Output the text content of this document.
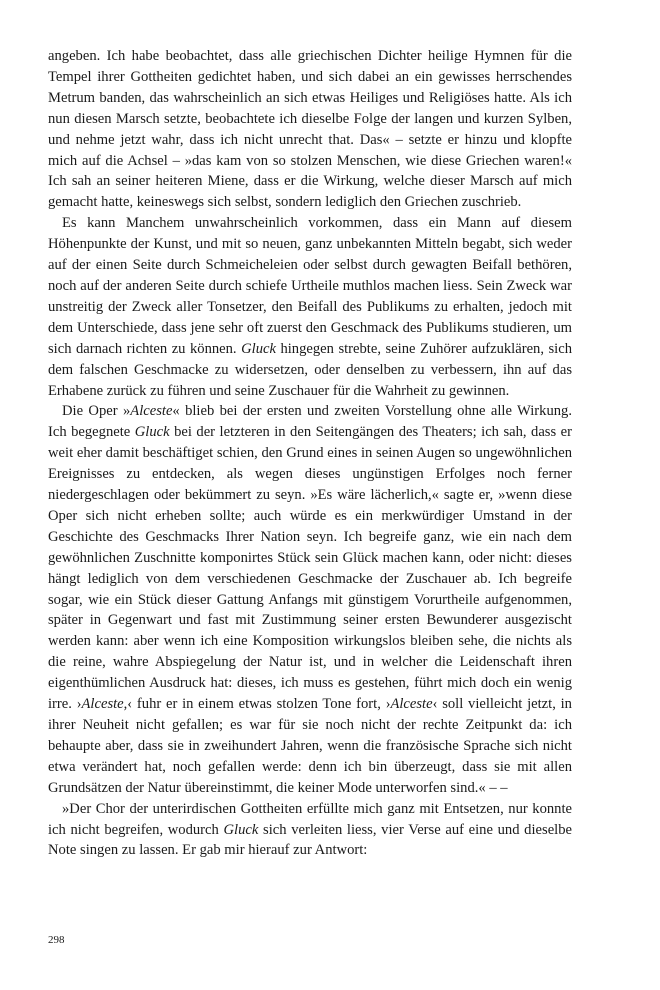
angeben. Ich habe beobachtet, dass alle griechischen Dichter heilige Hymnen für die Tempel ihrer Gottheiten gedichtet haben, und sich dabei an ein gewisses herrschendes Metrum banden, das wahrscheinlich an sich etwas Heiliges und Religiöses hatte. Als ich nun diesen Marsch setzte, beobachtete ich dieselbe Folge der langen und kurzen Sylben, und nehme jetzt wahr, dass ich nicht unrecht that. Das« – setzte er hinzu und klopfte mich auf die Achsel – »das kam von so stolzen Menschen, wie diese Griechen waren!« Ich sah an seiner heiteren Miene, dass er die Wirkung, welche dieser Marsch auf mich gemacht hatte, keineswegs sich selbst, sondern lediglich den Griechen zuschrieb.

Es kann Manchem unwahrscheinlich vorkommen, dass ein Mann auf diesem Höhenpunkte der Kunst, und mit so neuen, ganz unbekannten Mitteln begabt, sich weder auf der einen Seite durch Schmeicheleien oder selbst durch gewagten Beifall bethören, noch auf der anderen Seite durch schiefe Urtheile muthlos machen liess. Sein Zweck war unstreitig der Zweck aller Tonsetzer, den Beifall des Publikums zu erhalten, jedoch mit dem Unterschiede, dass jene sehr oft zuerst den Geschmack des Publikums studieren, um sich darnach richten zu können. Gluck hingegen strebte, seine Zuhörer aufzuklären, sich dem falschen Geschmacke zu widersetzen, oder denselben zu verbessern, ihn auf das Erhabene zurück zu führen und seine Zuschauer für die Wahrheit zu gewinnen.

Die Oper »Alceste« blieb bei der ersten und zweiten Vorstellung ohne alle Wirkung. Ich begegnete Gluck bei der letzteren in den Seitengängen des Theaters; ich sah, dass er weit eher damit beschäftiget schien, den Grund eines in seinen Augen so ungewöhnlichen Ereignisses zu entdecken, als wegen dieses ungünstigen Erfolges noch ferner niedergeschlagen oder bekümmert zu seyn. »Es wäre lächerlich,« sagte er, »wenn diese Oper sich nicht erheben sollte; auch würde es ein merkwürdiger Umstand in der Geschichte des Geschmacks Ihrer Nation seyn. Ich begreife ganz, wie ein nach dem gewöhnlichen Zuschnitte komponirtes Stück sein Glück machen kann, oder nicht: dieses hängt lediglich von dem verschiedenen Geschmacke der Zuschauer ab. Ich begreife sogar, wie ein Stück dieser Gattung Anfangs mit günstigem Vorurtheile aufgenommen, später in Gegenwart und fast mit Zustimmung seiner ersten Bewunderer ausgezischt werden kann: aber wenn ich eine Komposition wirkungslos bleiben sehe, die nichts als die reine, wahre Abspiegelung der Natur ist, und in welcher die Leidenschaft ihren eigenthümlichen Ausdruck hat: dieses, ich muss es gestehen, führt mich doch ein wenig irre. ›Alceste,‹ fuhr er in einem etwas stolzen Tone fort, ›Alceste‹ soll vielleicht jetzt, in ihrer Neuheit nicht gefallen; es war für sie noch nicht der rechte Zeitpunkt da: ich behaupte aber, dass sie in zweihundert Jahren, wenn die französische Sprache sich nicht etwa verändert hat, noch gefallen werde: denn ich bin überzeugt, dass sie mit allen Grundsätzen der Natur übereinstimmt, die keiner Mode unterworfen sind.« – –

»Der Chor der unterirdischen Gottheiten erfüllte mich ganz mit Entsetzen, nur konnte ich nicht begreifen, wodurch Gluck sich verleiten liess, vier Verse auf eine und dieselbe Note singen zu lassen. Er gab mir hierauf zur Antwort:

298
